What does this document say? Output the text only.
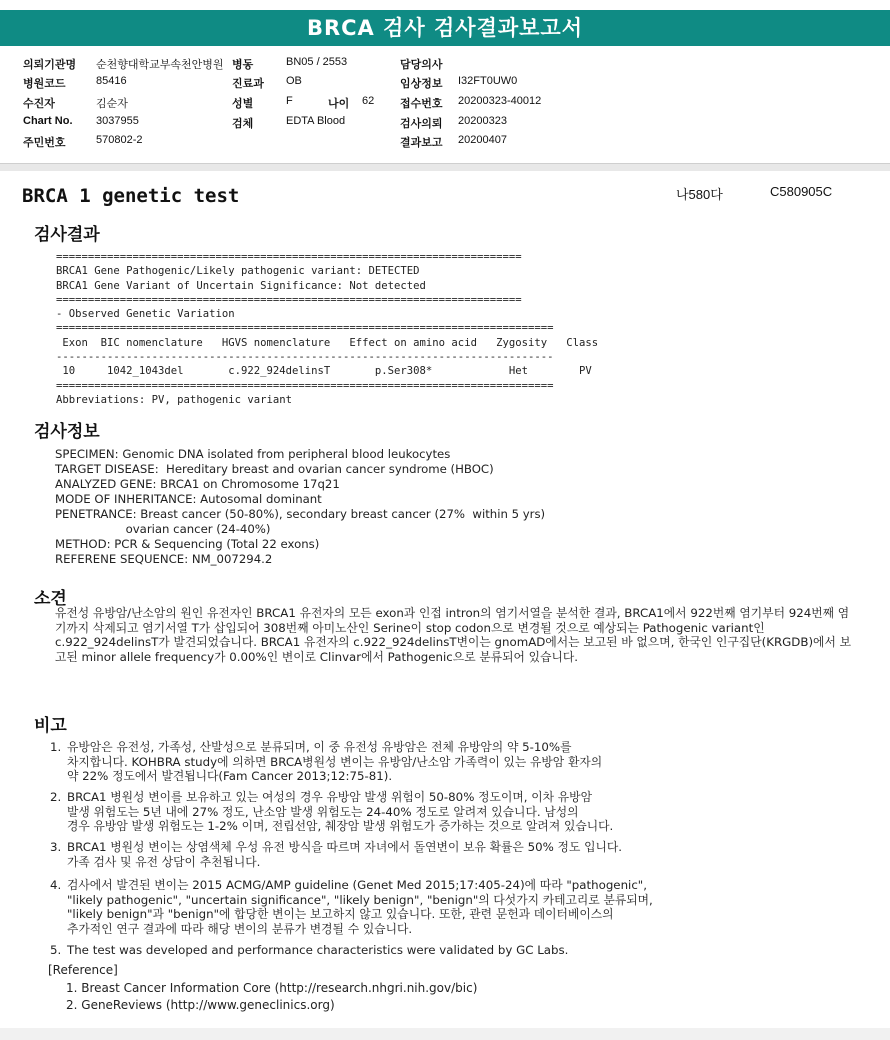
BRCA 검사 검사결과보고서
의뢰기관명 순천향대학교부속천안병원 병동	BN05 / 2553	담당의사
병원코드	85416	진료과 OB	임상정보 I32FT0UW0
수진자	김순자	성별	F	나이 62 접수번호 20200323-40012
Chart No. 3037955	검체	EDTA Blood	검사의뢰 20200323
주민번호	570802-2	결과보고 20200407
BRCA 1 genetic test	나580다	C580905C
검사결과
=========================================================================
BRCA1 Gene Pathogenic/Likely pathogenic variant: DETECTED
BRCA1 Gene Variant of Uncertain Significance: Not detected
=========================================================================
- Observed Genetic Variation
==============================================================================
Exon  BIC nomenclature   HGVS nomenclature   Effect on amino acid   Zygosity   Class
------------------------------------------------------------------------------
10     1042_1043del       c.922_924delinsT       p.Ser308*            Het        PV
==============================================================================
Abbreviations: PV, pathogenic variant
검사정보
SPECIMEN: Genomic DNA isolated from peripheral blood leukocytes
TARGET DISEASE:  Hereditary breast and ovarian cancer syndrome (HBOC)
ANALYZED GENE: BRCA1 on Chromosome 17q21
MODE OF INHERITANCE: Autosomal dominant
PENETRANCE: Breast cancer (50-80%), secondary breast cancer (27%  within 5 yrs)
ovarian cancer (24-40%)
METHOD: PCR & Sequencing (Total 22 exons)
REFERENE SEQUENCE: NM_007294.2
소견
유전성 유방암/난소암의 원인 유전자인 BRCA1 유전자의 모든 exon과 인접 intron의 염기서열을 분석한 결과, BRCA1에서 922번째 염기부터 924번째 염기까지 삭제되고 염기서열 T가 삽입되어 308번째 아미노산인 Serine이 stop codon으로 변경될 것으로 예상되는 Pathogenic variant인 c.922_924delinsT가 발견되었습니다. BRCA1 유전자의 c.922_924delinsT변이는 gnomAD에서는 보고된 바 없으며, 한국인 인구집단(KRGDB)에서 보고된 minor allele frequency가 0.00%인 변이로 Clinvar에서 Pathogenic으로 분류되어 있습니다.
비고
1. 유방암은 유전성, 가족성, 산발성으로 분류되며, 이 중 유전성 유방암은 전체 유방암의 약 5-10%를
차지합니다. KOHBRA study에 의하면 BRCA병원성 변이는 유방암/난소암 가족력이 있는 유방암 환자의
약 22% 정도에서 발견됩니다(Fam Cancer 2013;12:75-81).
2. BRCA1 병원성 변이를 보유하고 있는 여성의 경우 유방암 발생 위험이 50-80% 정도이며, 이차 유방암
발생 위험도는 5년 내에 27% 정도, 난소암 발생 위험도는 24-40% 정도로 알려져 있습니다. 남성의
경우 유방암 발생 위험도는 1-2% 이며, 전립선암, 췌장암 발생 위험도가 증가하는 것으로 알려져 있습니다.
3. BRCA1 병원성 변이는 상염색체 우성 유전 방식을 따르며 자녀에서 돌연변이 보유 확률은 50% 정도 입니다.
가족 검사 및 유전 상담이 추천됩니다.
4. 검사에서 발견된 변이는 2015 ACMG/AMP guideline (Genet Med 2015;17:405-24)에 따라 "pathogenic",
"likely pathogenic", "uncertain significance", "likely benign", "benign"의 다섯가지 카테고리로 분류되며,
"likely benign"과 "benign"에 합당한 변이는 보고하지 않고 있습니다. 또한, 관련 문헌과 데이터베이스의
추가적인 연구 결과에 따라 해당 변이의 분류가 변경될 수 있습니다.
5. The test was developed and performance characteristics were validated by GC Labs.
[Reference]
1. Breast Cancer Information Core (http://research.nhgri.nih.gov/bic)
2. GeneReviews (http://www.geneclinics.org)
